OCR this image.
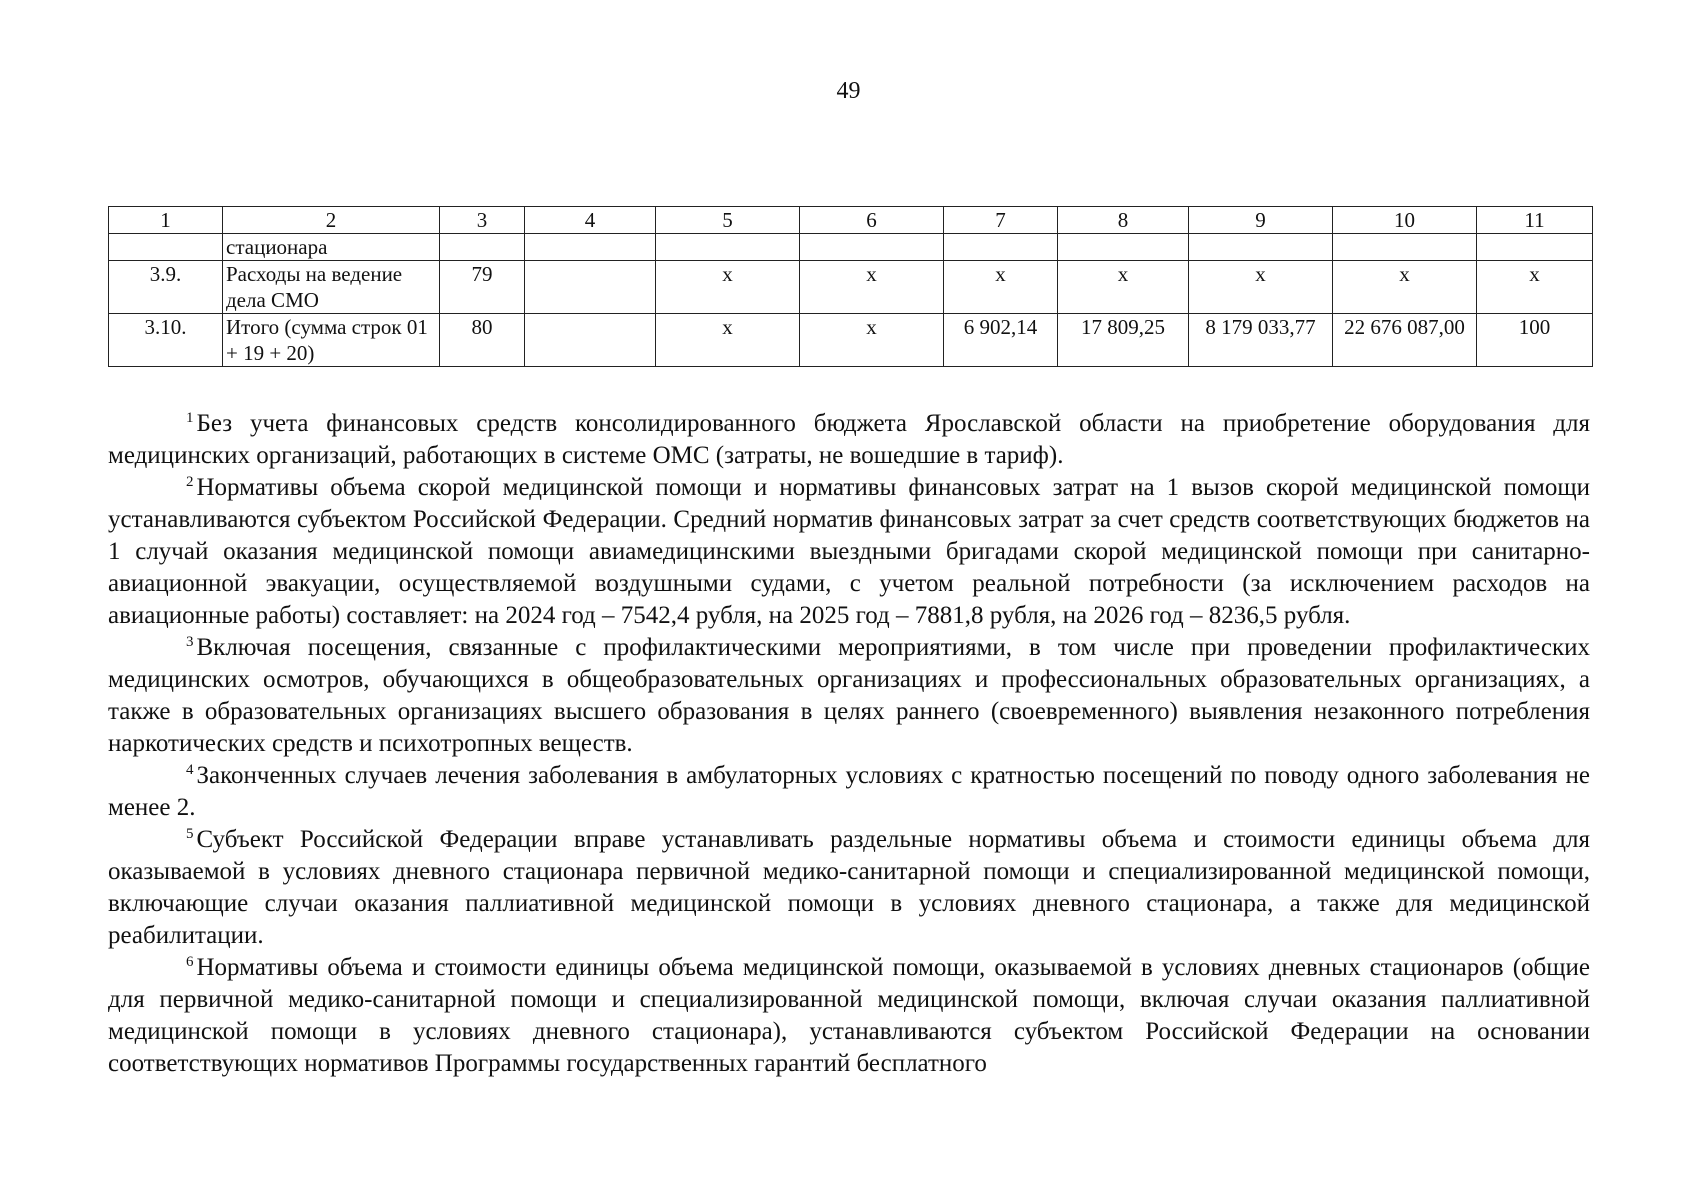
49
1	2	3	4	5	6	7	8	9	10	11
	стационара									
3.9.	Расходы на ведение дела СМО	79		х	х	х	х	х	х	х
3.10.	Итого (сумма строк 01 + 19 + 20)	80		х	х	6 902,14	17 809,25	8 179 033,77	22 676 087,00	100

$^1$ Без учета финансовых средств консолидированного бюджета Ярославской области на приобретение оборудования для медицинских организаций, работающих в системе ОМС (затраты, не вошедшие в тариф).

$^2$ Нормативы объема скорой медицинской помощи и нормативы финансовых затрат на 1 вызов скорой медицинской помощи устанавливаются субъектом Российской Федерации. Средний норматив финансовых затрат за счет средств соответствующих бюджетов на 1 случай оказания медицинской помощи авиамедицинскими выездными бригадами скорой медицинской помощи при санитарно-авиационной эвакуации, осуществляемой воздушными судами, с учетом реальной потребности (за исключением расходов на авиационные работы) составляет: на 2024 год – 7542,4 рубля, на 2025 год – 7881,8 рубля, на 2026 год – 8236,5 рубля.

$^3$ Включая посещения, связанные с профилактическими мероприятиями, в том числе при проведении профилактических медицинских осмотров, обучающихся в общеобразовательных организациях и профессиональных образовательных организациях, а также в образовательных организациях высшего образования в целях раннего (своевременного) выявления незаконного потребления наркотических средств и психотропных веществ.

$^4$ Законченных случаев лечения заболевания в амбулаторных условиях с кратностью посещений по поводу одного заболевания не менее 2.

$^5$ Субъект Российской Федерации вправе устанавливать раздельные нормативы объема и стоимости единицы объема для оказываемой в условиях дневного стационара первичной медико-санитарной помощи и специализированной медицинской помощи, включающие случаи оказания паллиативной медицинской помощи в условиях дневного стационара, а также для медицинской реабилитации.

$^6$ Нормативы объема и стоимости единицы объема медицинской помощи, оказываемой в условиях дневных стационаров (общие для первичной медико-санитарной помощи и специализированной медицинской помощи, включая случаи оказания паллиативной медицинской помощи в условиях дневного стационара), устанавливаются субъектом Российской Федерации на основании соответствующих нормативов Программы государственных гарантий бесплатного
